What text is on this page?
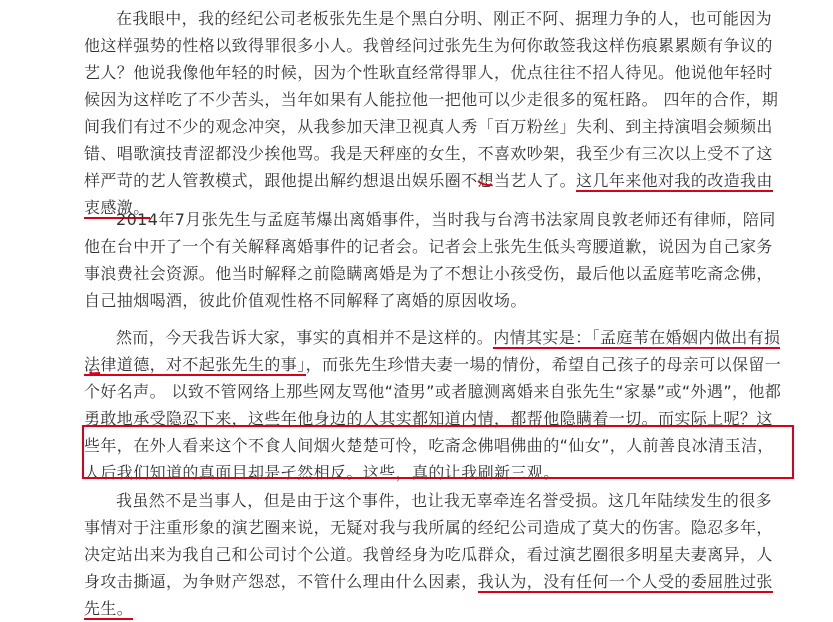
在我眼中，我的经纪公司老板张先生是个黑白分明、刚正不阿、据理力争的人，也可能因为他这样强势的性格以致得罪很多小人。我曾经问过张先生为何你敢签我这样伤痕累累颇有争议的艺人？他说我像他年轻的时候，因为个性耿直经常得罪人，优点往往不招人待见。他说他年轻时候因为这样吃了不少苦头，当年如果有人能拉他一把他可以少走很多的冤枉路。 四年的合作，期间我们有过不少的观念冲突，从我参加天津卫视真人秀「百万粉丝」失利、到主持演唱会频频出错、唱歌演技青涩都没少挨他骂。我是天秤座的女生，不喜欢吵架，我至少有三次以上受不了这样严苛的艺人管教模式，跟他提出解约想退出娱乐圈不想当艺人了。这几年来他对我的改造我由衷感激。

2014年7月张先生与孟庭苇爆出离婚事件，当时我与台湾书法家周良敦老师还有律师，陪同他在台中开了一个有关解释离婚事件的记者会。记者会上张先生低头弯腰道歉，说因为自己家务事浪费社会资源。他当时解释之前隐瞒离婚是为了不想让小孩受伤，最后他以孟庭苇吃斋念佛，自己抽烟喝酒，彼此价值观性格不同解释了离婚的原因收场。

然而，今天我告诉大家，事实的真相并不是这样的。内情其实是：「孟庭苇在婚姻内做出有损法律道德，对不起张先生的事」，而张先生珍惜夫妻一場的情份，希望自己孩子的母亲可以保留一个好名声。 以致不管网络上那些网友骂他“渣男”或者臆测离婚来自张先生“家暴”或“外遇”，他都勇敢地承受隐忍下来，这些年他身边的人其实都知道内情，都帮他隐瞒着一切。而实际上呢？这些年，在外人看来这个不食人间烟火楚楚可怜，吃斋念佛唱佛曲的“仙女”，人前善良冰清玉洁，人后我们知道的真面目却是孑然相反。这些，真的让我刷新三观。

我虽然不是当事人，但是由于这个事件，也让我无辜牵连名誉受损。这几年陆续发生的很多事情对于注重形象的演艺圈来说，无疑对我与我所属的经纪公司造成了莫大的伤害。隐忍多年，决定站出来为我自己和公司讨个公道。我曾经身为吃瓜群众，看过演艺圈很多明星夫妻离异，人身攻击撕逼，为争财产怨怼，不管什么理由什么因素，我认为，没有任何一个人受的委屈胜过张先生。
